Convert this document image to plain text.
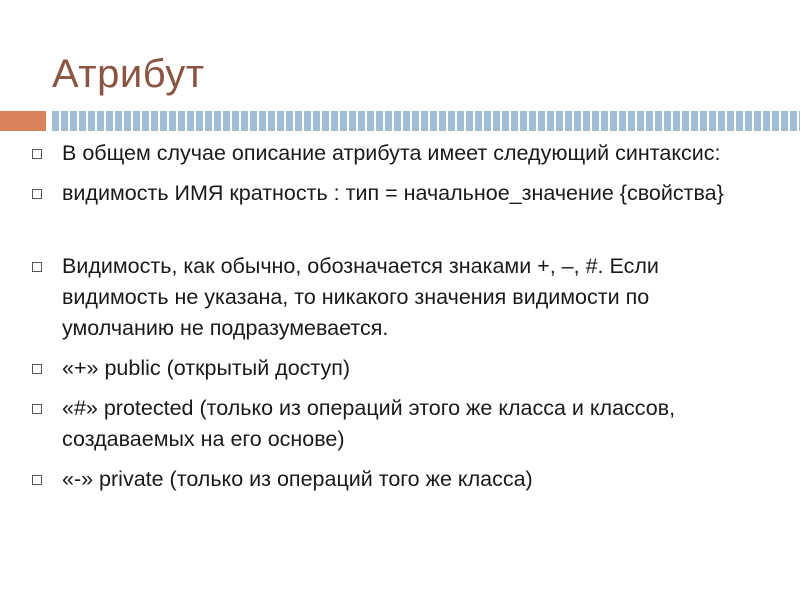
Атрибут
В общем случае описание атрибута имеет следующий синтаксис:
видимость ИМЯ кратность : тип = начальное_значение {свойства}
Видимость, как обычно, обозначается знаками +, –, #. Если видимость не указана, то никакого значения видимости по умолчанию не подразумевается.
«+» public (открытый доступ)
«#» protected (только из операций этого же класса и классов, создаваемых на его основе)
«-» private (только из операций того же класса)
